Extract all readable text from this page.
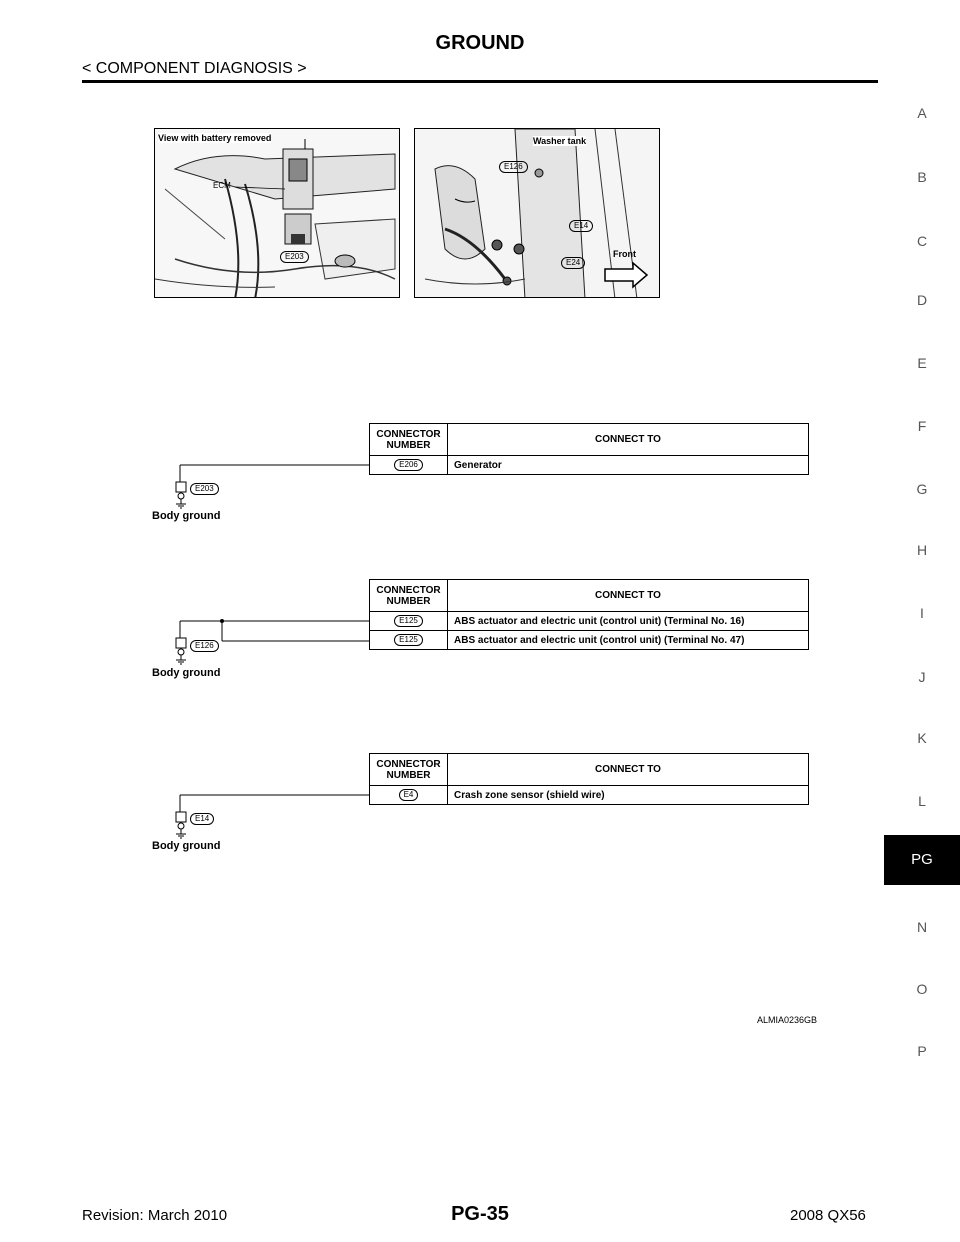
GROUND
< COMPONENT DIAGNOSIS >
A
B
C
D
E
F
G
H
I
J
K
L
PG
N
O
P
View with battery removed
ECM
E203
Washer tank
E126
E14
E24
Front
CONNECTOR NUMBER	CONNECT TO
E206	Generator
E203
Body ground
CONNECTOR NUMBER	CONNECT TO
E125	ABS actuator and electric unit (control unit) (Terminal No. 16)
E125	ABS actuator and electric unit (control unit) (Terminal No. 47)
E126
Body ground
CONNECTOR NUMBER	CONNECT TO
E4	Crash zone sensor (shield wire)
E14
Body ground
ALMIA0236GB
Revision: March 2010	PG-35	2008 QX56
